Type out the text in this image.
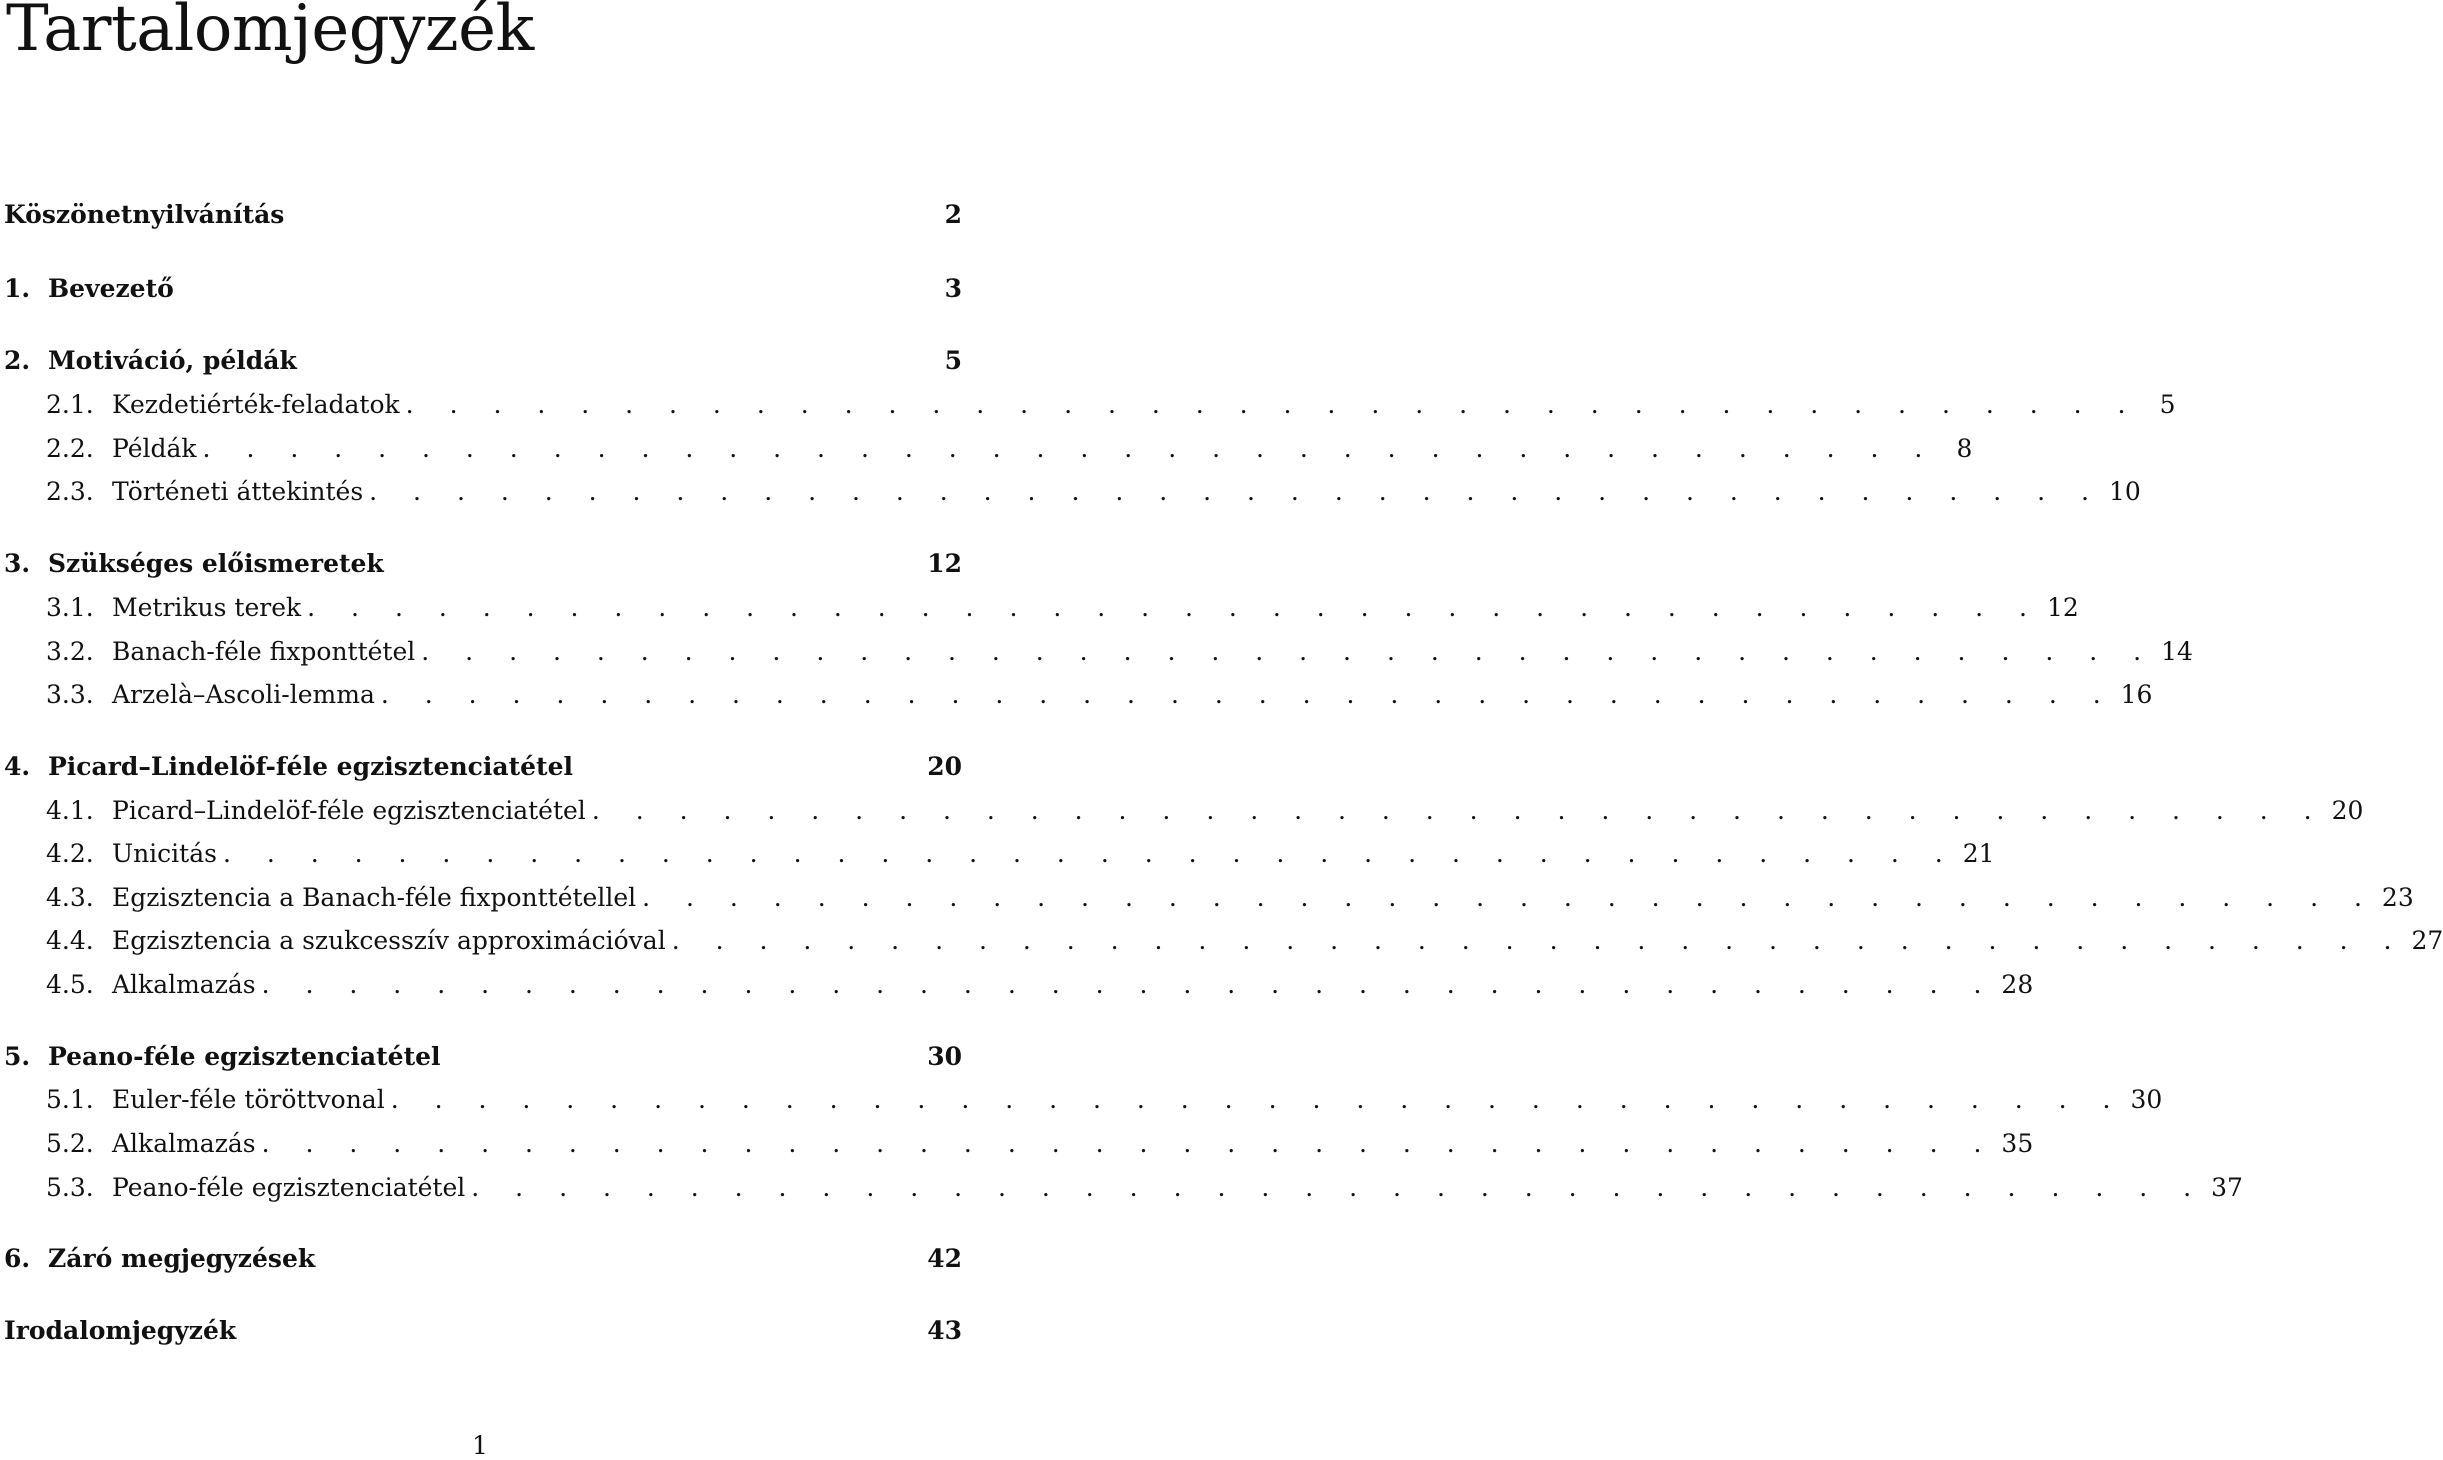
Tartalomjegyzék
Köszönetnyilvánítás	2
1. Bevezető	3
2. Motiváció, példák	5
2.1. Kezdetiérték-feladatok . . . . . . . . . . . . . . . . . . . . . . . . . . . . . . . . . . . . . . . . 5
2.2. Példák . . . . . . . . . . . . . . . . . . . . . . . . . . . . . . . . . . . . . . . . 8
2.3. Történeti áttekintés . . . . . . . . . . . . . . . . . . . . . . . . . . . . . . . . . . . . . . . . 10
3. Szükséges előismeretek	12
3.1. Metrikus terek . . . . . . . . . . . . . . . . . . . . . . . . . . . . . . . . . . . . . . . . 12
3.2. Banach-féle fixponttétel . . . . . . . . . . . . . . . . . . . . . . . . . . . . . . . . . . . . . . . . 14
3.3. Arzelà–Ascoli-lemma . . . . . . . . . . . . . . . . . . . . . . . . . . . . . . . . . . . . . . . . 16
4. Picard–Lindelöf-féle egzisztenciatétel	20
4.1. Picard–Lindelöf-féle egzisztenciatétel . . . . . . . . . . . . . . . . . . . . . . . . . . . . . . . . . . . . . . . . 20
4.2. Unicitás . . . . . . . . . . . . . . . . . . . . . . . . . . . . . . . . . . . . . . . . 21
4.3. Egzisztencia a Banach-féle fixponttétellel . . . . . . . . . . . . . . . . . . . . . . . . . . . . . . . . . . . . . . . . 23
4.4. Egzisztencia a szukcesszív approximációval . . . . . . . . . . . . . . . . . . . . . . . . . . . . . . . . . . . . . . . . 27
4.5. Alkalmazás . . . . . . . . . . . . . . . . . . . . . . . . . . . . . . . . . . . . . . . . 28
5. Peano-féle egzisztenciatétel	30
5.1. Euler-féle töröttvonal . . . . . . . . . . . . . . . . . . . . . . . . . . . . . . . . . . . . . . . . 30
5.2. Alkalmazás . . . . . . . . . . . . . . . . . . . . . . . . . . . . . . . . . . . . . . . . 35
5.3. Peano-féle egzisztenciatétel . . . . . . . . . . . . . . . . . . . . . . . . . . . . . . . . . . . . . . . . 37
6. Záró megjegyzések	42
Irodalomjegyzék	43
1
